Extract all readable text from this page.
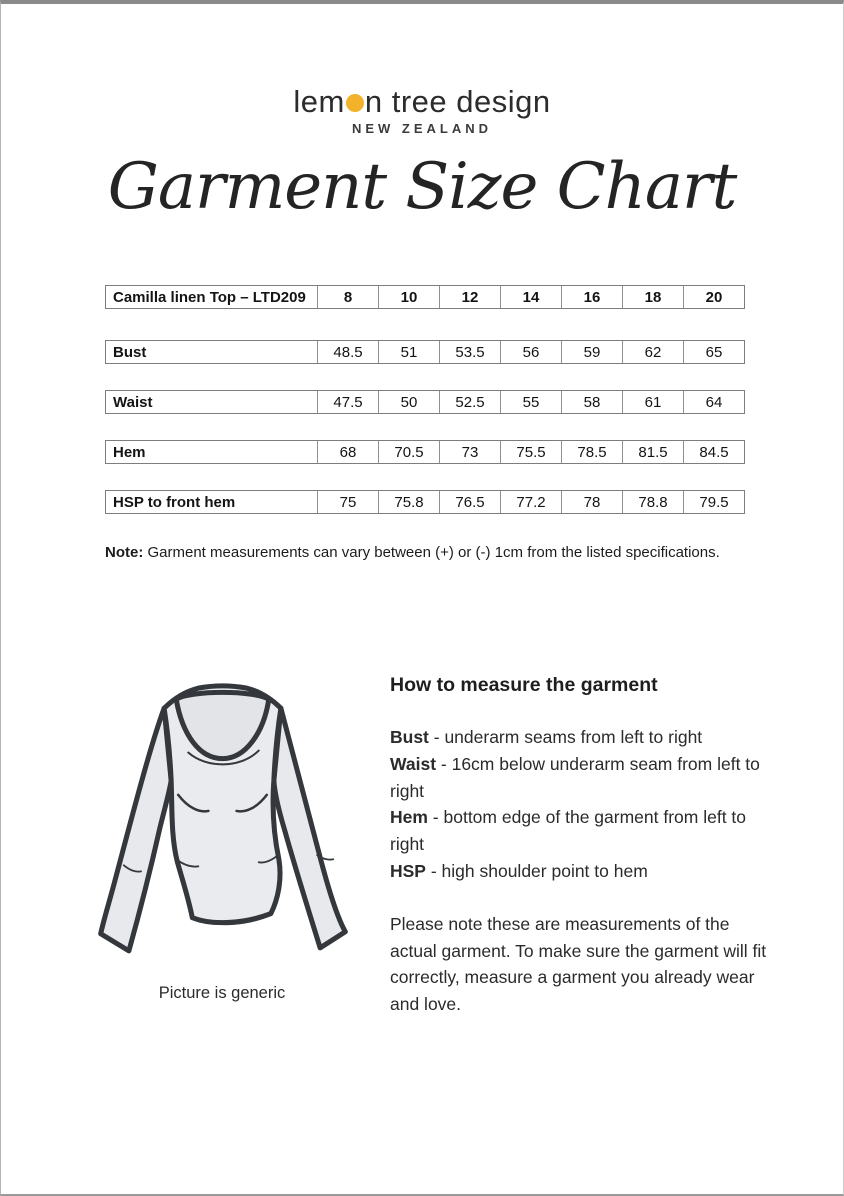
lem n tree design
NEW ZEALAND
Garment Size Chart
Camilla linen Top – LTD209	8	10	12	14	16	18	20
Bust	48.5	51	53.5	56	59	62	65
Waist	47.5	50	52.5	55	58	61	64
Hem	68	70.5	73	75.5	78.5	81.5	84.5
HSP to front hem	75	75.8	76.5	77.2	78	78.8	79.5
Note: Garment measurements can vary between (+) or (-) 1cm from the listed specifications.
Picture is generic
How to measure the garment
Bust - underarm seams from left to right
Waist - 16cm below underarm seam from left to right
Hem - bottom edge of the garment from left to right
HSP - high shoulder point to hem
Please note these are measurements of the actual garment. To make sure the garment will fit correctly, measure a garment you already wear and love.
